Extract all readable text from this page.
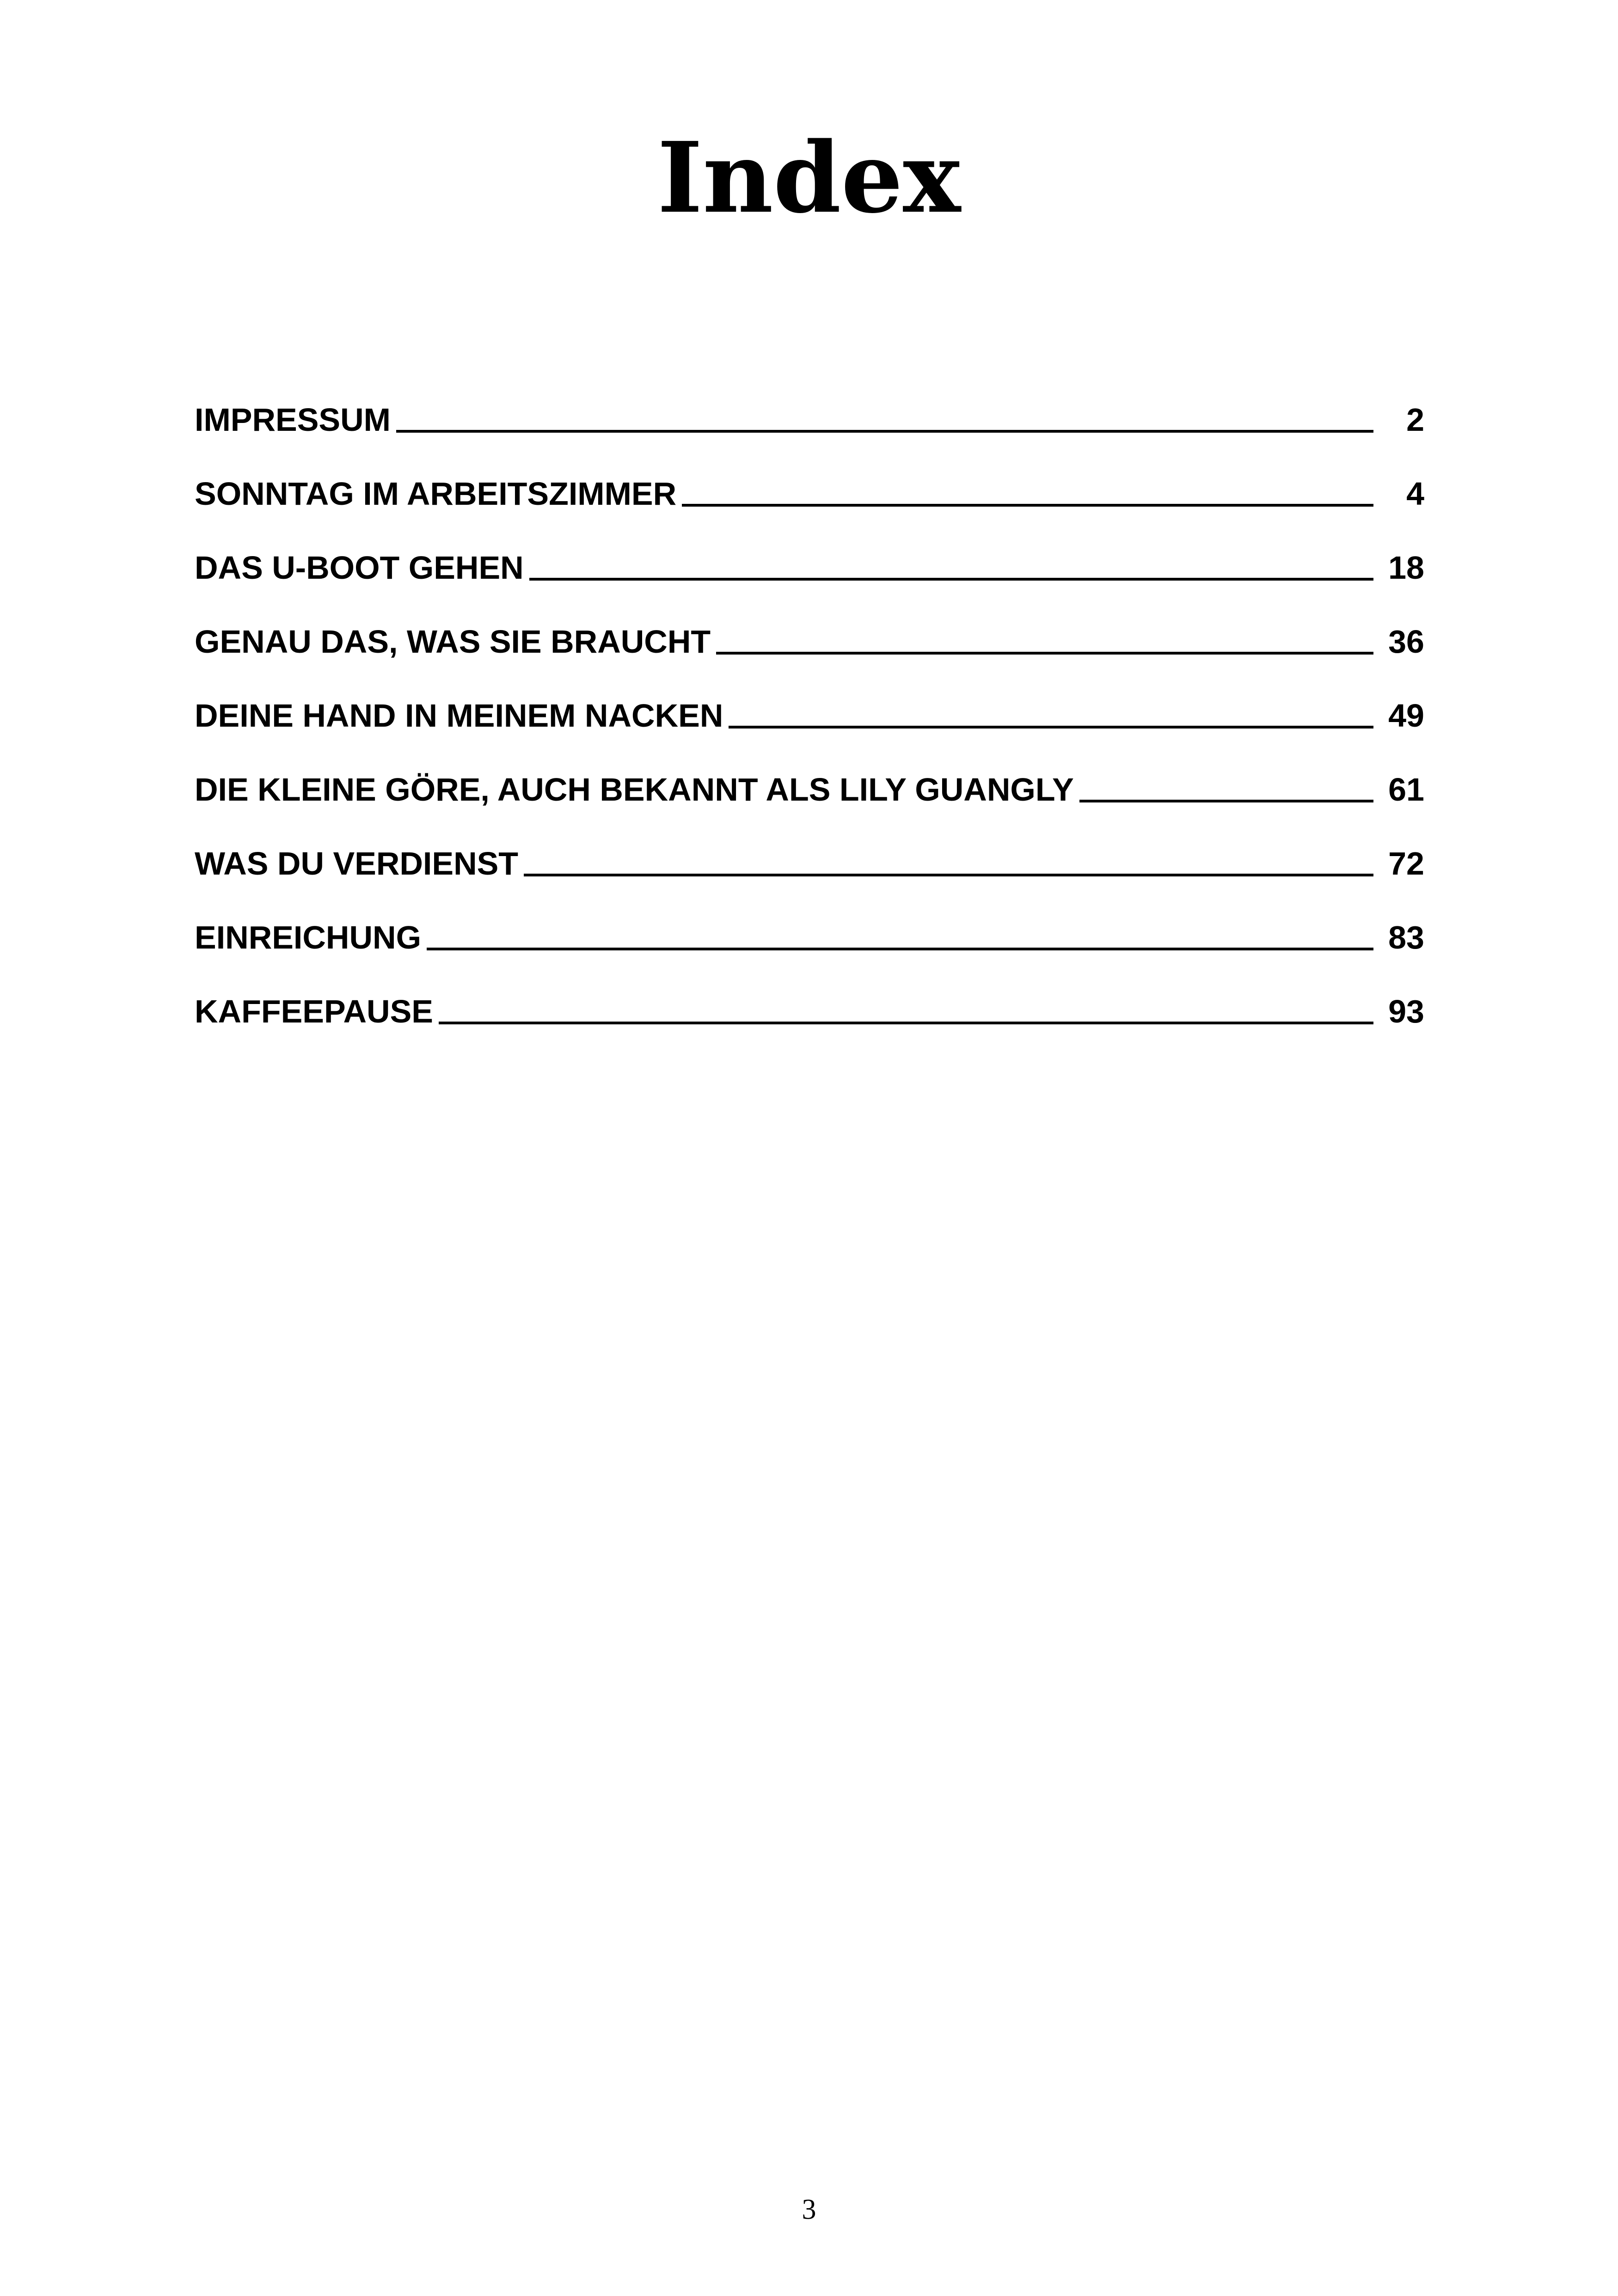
Index
IMPRESSUM	2
SONNTAG IM ARBEITSZIMMER	4
DAS U-BOOT GEHEN	18
GENAU DAS, WAS SIE BRAUCHT	36
DEINE HAND IN MEINEM NACKEN	49
DIE KLEINE GÖRE, AUCH BEKANNT ALS LILY GUANGLY	61
WAS DU VERDIENST	72
EINREICHUNG	83
KAFFEEPAUSE	93
3
